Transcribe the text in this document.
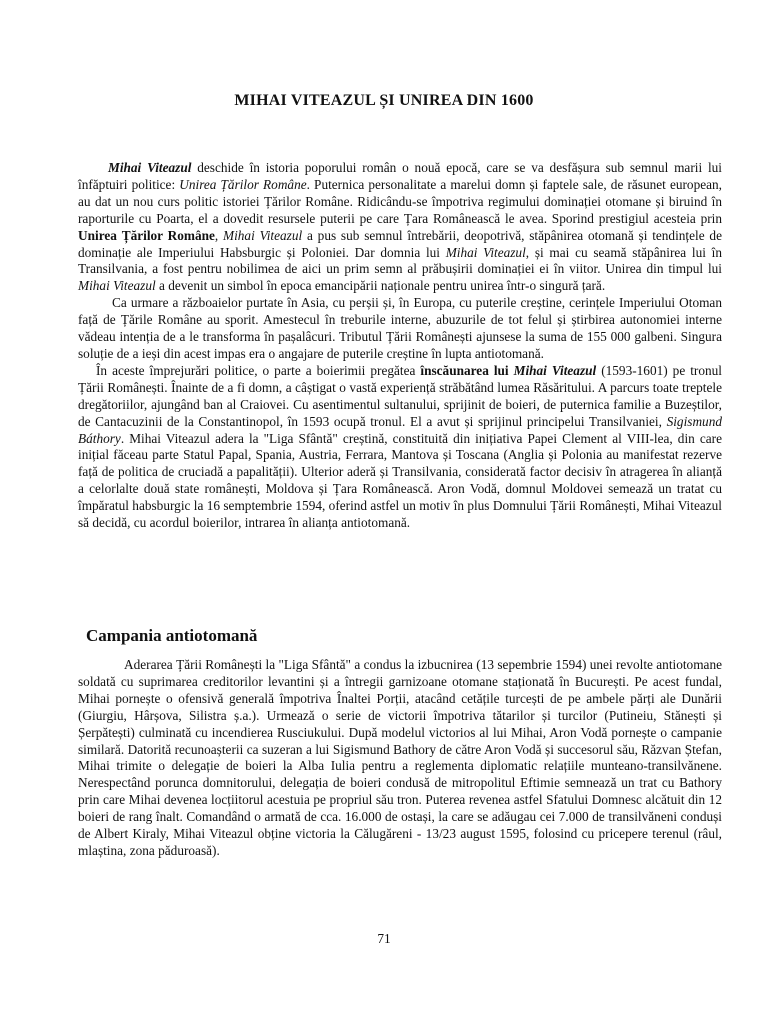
MIHAI VITEAZUL ȘI UNIREA DIN 1600

Mihai Viteazul deschide în istoria poporului român o nouă epocă, care se va desfășura sub semnul marii lui înfăptuiri politice: Unirea Țărilor Române. Puternica personalitate a marelui domn și faptele sale, de răsunet european, au dat un nou curs politic istoriei Țărilor Române. Ridicându-se împotriva regimului dominației otomane și biruind în raporturile cu Poarta, el a dovedit resursele puterii pe care Țara Românească le avea. Sporind prestigiul acesteia prin Unirea Țărilor Române, Mihai Viteazul a pus sub semnul întrebării, deopotrivă, stăpânirea otomană și tendințele de dominație ale Imperiului Habsburgic și Poloniei. Dar domnia lui Mihai Viteazul, și mai cu seamă stăpânirea lui în Transilvania, a fost pentru nobilimea de aici un prim semn al prăbușirii dominației ei în viitor. Unirea din timpul lui Mihai Viteazul a devenit un simbol în epoca emancipării naționale pentru unirea într-o singură țară.

Ca urmare a războaielor purtate în Asia, cu perșii și, în Europa, cu puterile creștine, cerințele Imperiului Otoman față de Țările Române au sporit. Amestecul în treburile interne, abuzurile de tot felul și știrbirea autonomiei interne vădeau intenția de a le transforma în pașalâcuri. Tributul Țării Românești ajunsese la suma de 155 000 galbeni. Singura soluție de a ieși din acest impas era o angajare de puterile creștine în lupta antiotomană.

În aceste împrejurări politice, o parte a boierimii pregătea înscăunarea lui Mihai Viteazul (1593-1601) pe tronul Țării Românești. Înainte de a fi domn, a câștigat o vastă experiență străbătând lumea Răsăritului. A parcurs toate treptele dregătoriilor, ajungând ban al Craiovei. Cu asentimentul sultanului, sprijinit de boieri, de puternica familie a Buzeștilor, de Cantacuzinii de la Constantinopol, în 1593 ocupă tronul. El a avut și sprijinul principelui Transilvaniei, Sigismund Báthory. Mihai Viteazul adera la "Liga Sfântă" creștină, constituită din inițiativa Papei Clement al VIII-lea, din care inițial făceau parte Statul Papal, Spania, Austria, Ferrara, Mantova și Toscana (Anglia și Polonia au manifestat rezerve față de politica de cruciadă a papalității). Ulterior aderă și Transilvania, considerată factor decisiv în atragerea în alianță a celorlalte două state românești, Moldova și Țara Românească. Aron Vodă, domnul Moldovei semează un tratat cu împăratul habsburgic la 16 semptembrie 1594, oferind astfel un motiv în plus Domnului Țării Românești, Mihai Viteazul să decidă, cu acordul boierilor, intrarea în alianța antiotomană.

Campania antiotomană

Aderarea Țării Românești la "Liga Sfântă" a condus la izbucnirea (13 sepembrie 1594) unei revolte antiotomane soldată cu suprimarea creditorilor levantini și a întregii garnizoane otomane staționată în București. Pe acest fundal, Mihai pornește o ofensivă generală împotriva Înaltei Porții, atacând cetățile turcești de pe ambele părți ale Dunării (Giurgiu, Hârșova, Silistra ș.a.). Urmează o serie de victorii împotriva tătarilor și turcilor (Putineiu, Stănești și Șerpătești) culminată cu incendierea Rusciukului. După modelul victorios al lui Mihai, Aron Vodă pornește o campanie similară. Datorită recunoașterii ca suzeran a lui Sigismund Bathory de către Aron Vodă și succesorul său, Răzvan Ștefan, Mihai trimite o delegație de boieri la Alba Iulia pentru a reglementa diplomatic relațiile munteano-transilvănene. Nerespectând porunca domnitorului, delegația de boieri condusă de mitropolitul Eftimie semnează un trat cu Bathory prin care Mihai devenea locțiitorul acestuia pe propriul său tron. Puterea revenea astfel Sfatului Domnesc alcătuit din 12 boieri de rang înalt. Comandând o armată de cca. 16.000 de ostași, la care se adăugau cei 7.000 de transilvăneni conduși de Albert Kiraly, Mihai Viteazul obține victoria la Călugăreni - 13/23 august 1595, folosind cu pricepere terenul (râul, mlaștina, zona păduroasă).

71
